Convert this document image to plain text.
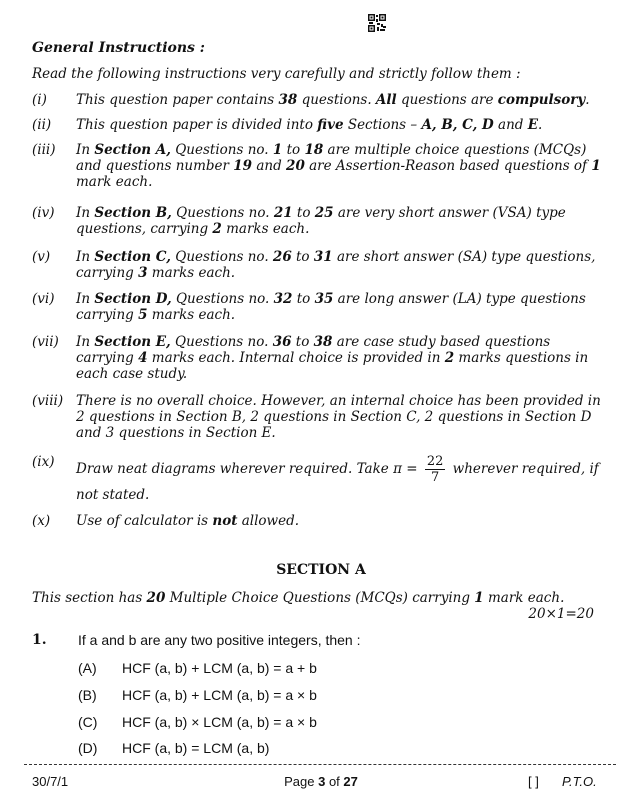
General Instructions :
Read the following instructions very carefully and strictly follow them :
(i)	This question paper contains 38 questions. All questions are compulsory.
(ii)	This question paper is divided into five Sections – A, B, C, D and E.
(iii)	In Section A, Questions no. 1 to 18 are multiple choice questions (MCQs) and questions number 19 and 20 are Assertion-Reason based questions of 1 mark each.
(iv)	In Section B, Questions no. 21 to 25 are very short answer (VSA) type questions, carrying 2 marks each.
(v)	In Section C, Questions no. 26 to 31 are short answer (SA) type questions, carrying 3 marks each.
(vi)	In Section D, Questions no. 32 to 35 are long answer (LA) type questions carrying 5 marks each.
(vii)	In Section E, Questions no. 36 to 38 are case study based questions carrying 4 marks each. Internal choice is provided in 2 marks questions in each case study.
(viii) There is no overall choice. However, an internal choice has been provided in 2 questions in Section B, 2 questions in Section C, 2 questions in Section D and 3 questions in Section E.
(ix)	Draw neat diagrams wherever required. Take $\pi = \frac{22}{7}$ wherever required, if not stated.
(x)	Use of calculator is not allowed.
SECTION A
This section has 20 Multiple Choice Questions (MCQs) carrying 1 mark each.
20×1=20
1. If a and b are any two positive integers, then :
(A) HCF (a, b) + LCM (a, b) = a + b
(B) HCF (a, b) + LCM (a, b) = a × b
(C) HCF (a, b) × LCM (a, b) = a × b
(D) HCF (a, b) = LCM (a, b)
30/7/1	Page 3 of 27	[ ] P.T.O.
